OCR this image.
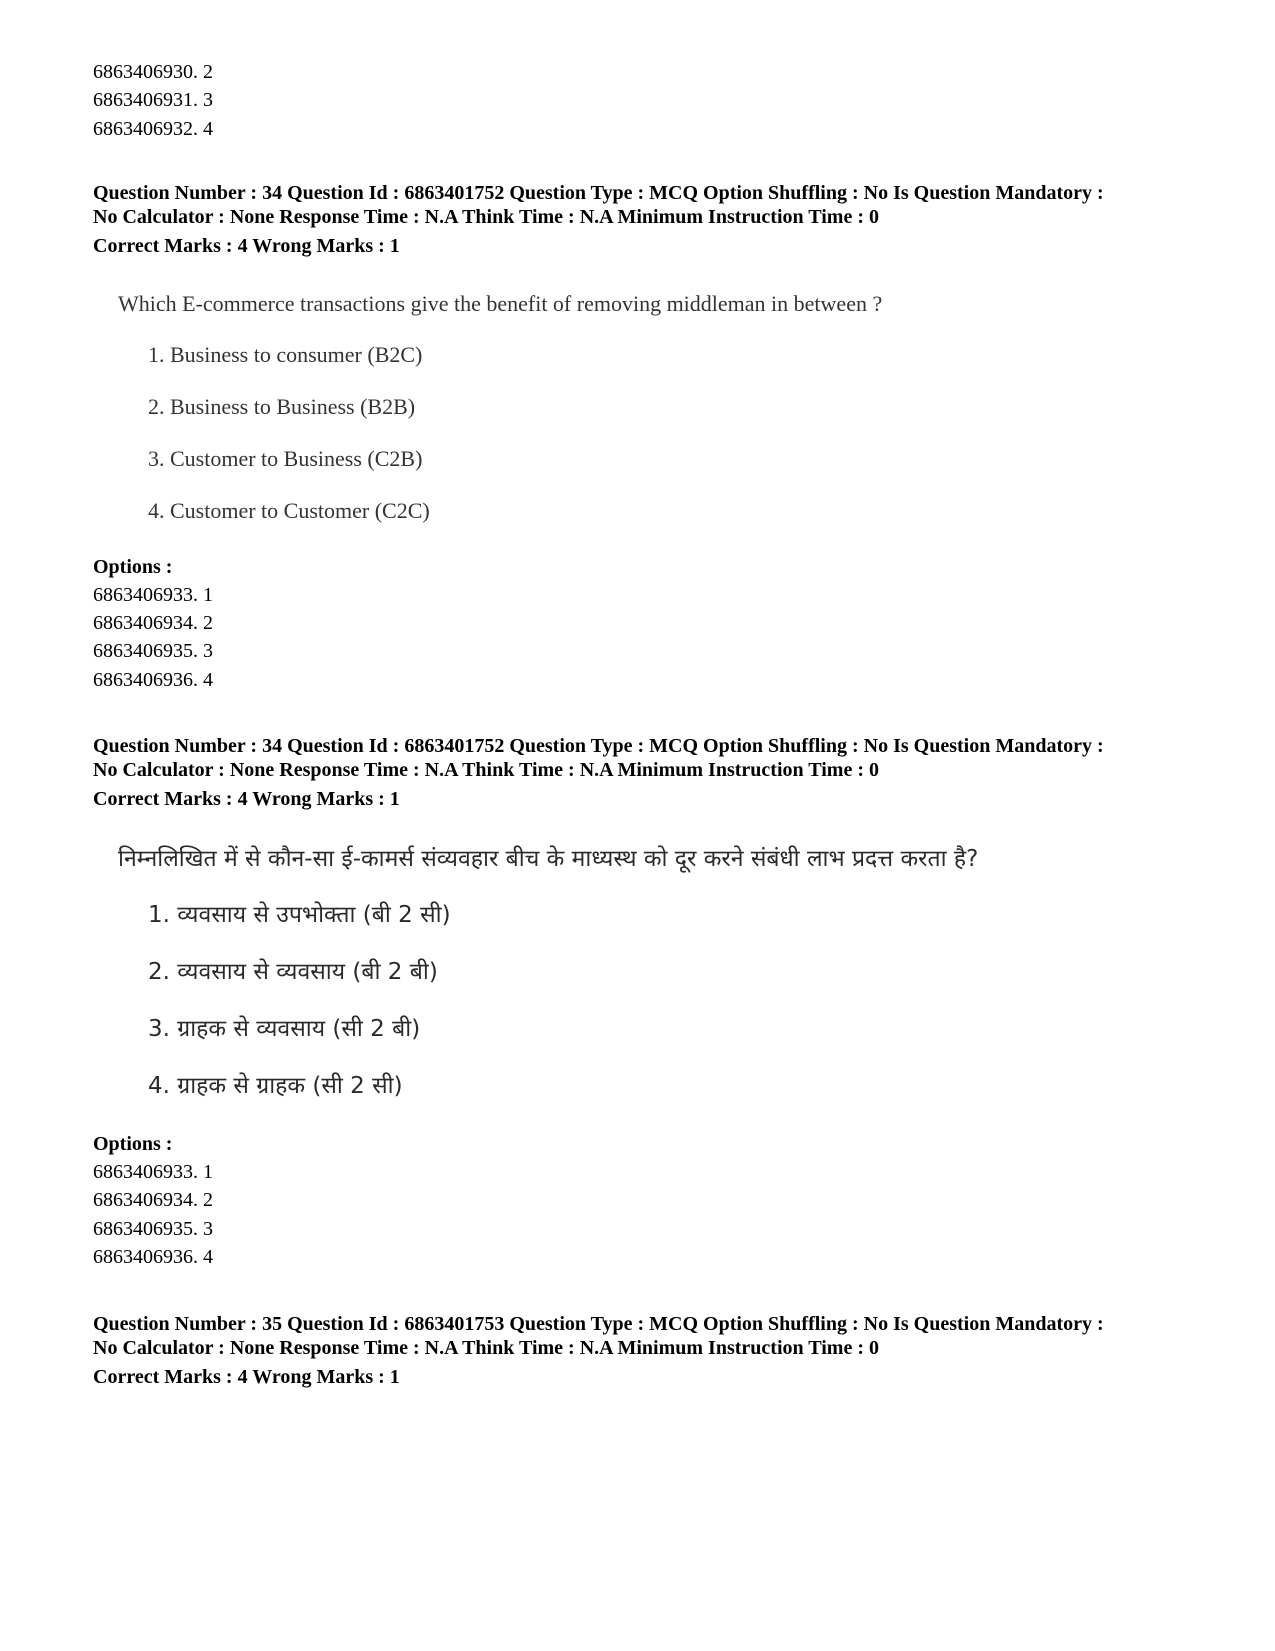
6863406930. 2
6863406931. 3
6863406932. 4
Question Number : 34 Question Id : 6863401752 Question Type : MCQ Option Shuffling : No Is Question Mandatory :
No Calculator : None Response Time : N.A Think Time : N.A Minimum Instruction Time : 0
Correct Marks : 4 Wrong Marks : 1
Which E-commerce transactions give the benefit of removing middleman in between ?
1. Business to consumer (B2C)
2. Business to Business (B2B)
3. Customer to Business (C2B)
4. Customer to Customer (C2C)
Options :
6863406933. 1
6863406934. 2
6863406935. 3
6863406936. 4
Question Number : 34 Question Id : 6863401752 Question Type : MCQ Option Shuffling : No Is Question Mandatory :
No Calculator : None Response Time : N.A Think Time : N.A Minimum Instruction Time : 0
Correct Marks : 4 Wrong Marks : 1
निम्नलिखित में से कौन-सा ई-कामर्स संव्यवहार बीच के माध्यस्थ को दूर करने संबंधी लाभ प्रदत्त करता है?
1. व्यवसाय से उपभोक्ता (बी 2 सी)
2. व्यवसाय से व्यवसाय (बी 2 बी)
3. ग्राहक से व्यवसाय (सी 2 बी)
4. ग्राहक से ग्राहक (सी 2 सी)
Options :
6863406933. 1
6863406934. 2
6863406935. 3
6863406936. 4
Question Number : 35 Question Id : 6863401753 Question Type : MCQ Option Shuffling : No Is Question Mandatory :
No Calculator : None Response Time : N.A Think Time : N.A Minimum Instruction Time : 0
Correct Marks : 4 Wrong Marks : 1
